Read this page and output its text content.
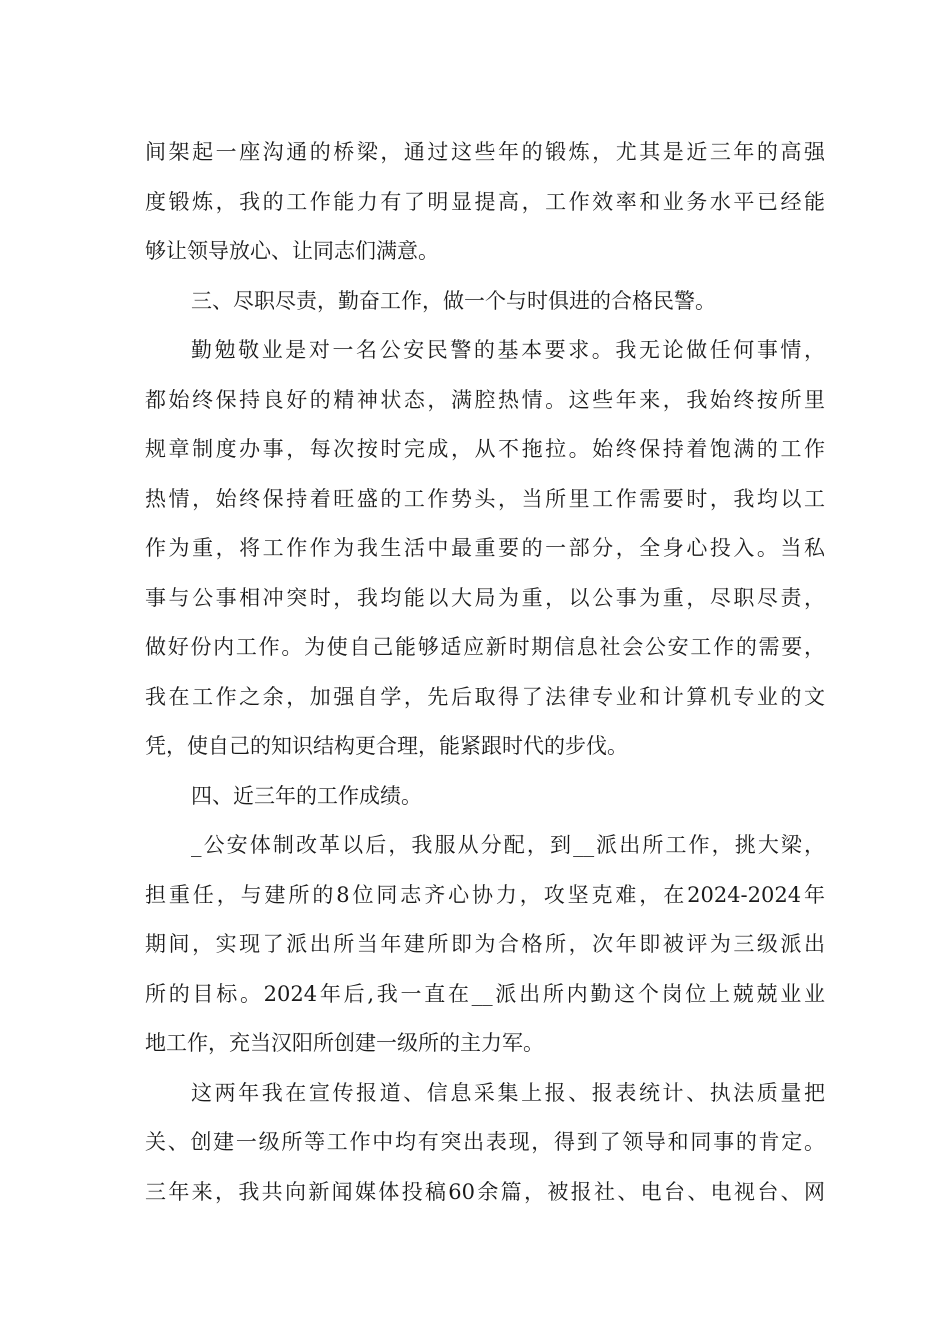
间架起一座沟通的桥梁，通过这些年的锻炼，尤其是近三年的高强
度锻炼，我的工作能力有了明显提高，工作效率和业务水平已经能
够让领导放心、让同志们满意。
三、尽职尽责，勤奋工作，做一个与时俱进的合格民警。
勤勉敬业是对一名公安民警的基本要求。我无论做任何事情，
都始终保持良好的精神状态，满腔热情。这些年来，我始终按所里
规章制度办事，每次按时完成，从不拖拉。始终保持着饱满的工作
热情，始终保持着旺盛的工作势头，当所里工作需要时，我均以工
作为重，将工作作为我生活中最重要的一部分，全身心投入。当私
事与公事相冲突时，我均能以大局为重，以公事为重，尽职尽责，
做好份内工作。为使自己能够适应新时期信息社会公安工作的需要，
我在工作之余，加强自学，先后取得了法律专业和计算机专业的文
凭，使自己的知识结构更合理，能紧跟时代的步伐。
四、近三年的工作成绩。
_公安体制改革以后，我服从分配，到__派出所工作，挑大梁，
担重任，与建所的8位同志齐心协力，攻坚克难，在2024-2024年
期间，实现了派出所当年建所即为合格所，次年即被评为三级派出
所的目标。2024年后,我一直在__派出所内勤这个岗位上兢兢业业
地工作，充当汉阳所创建一级所的主力军。
这两年我在宣传报道、信息采集上报、报表统计、执法质量把
关、创建一级所等工作中均有突出表现，得到了领导和同事的肯定。
三年来，我共向新闻媒体投稿60余篇，被报社、电台、电视台、网
